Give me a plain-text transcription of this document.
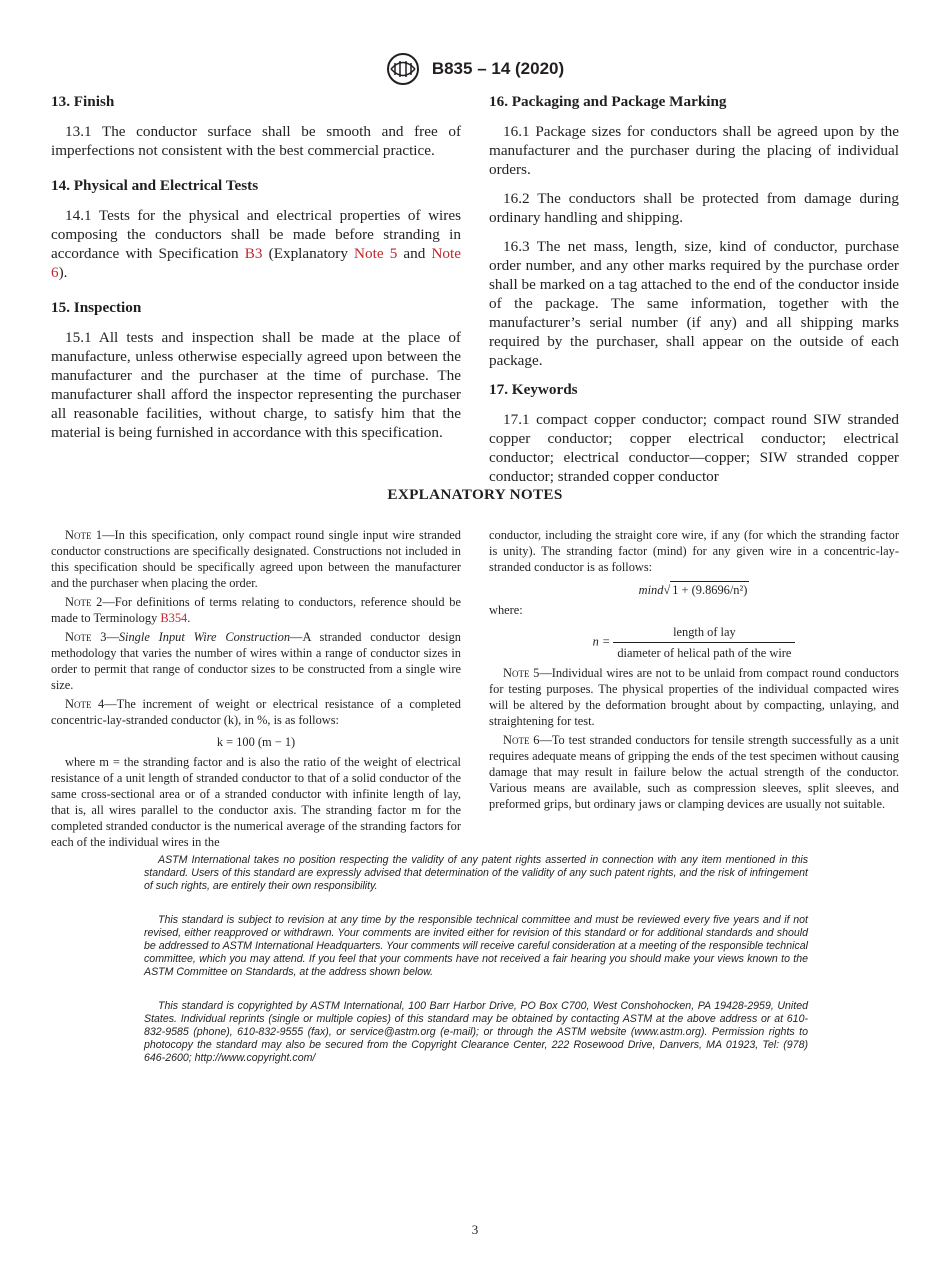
B835 – 14 (2020)
13. Finish

13.1 The conductor surface shall be smooth and free of imperfections not consistent with the best commercial practice.

14. Physical and Electrical Tests

14.1 Tests for the physical and electrical properties of wires composing the conductors shall be made before stranding in accordance with Specification B3 (Explanatory Note 5 and Note 6).

15. Inspection

15.1 All tests and inspection shall be made at the place of manufacture, unless otherwise especially agreed upon between the manufacturer and the purchaser at the time of purchase. The manufacturer shall afford the inspector representing the purchaser all reasonable facilities, without charge, to satisfy him that the material is being furnished in accordance with this specification.

16. Packaging and Package Marking

16.1 Package sizes for conductors shall be agreed upon by the manufacturer and the purchaser during the placing of individual orders.

16.2 The conductors shall be protected from damage during ordinary handling and shipping.

16.3 The net mass, length, size, kind of conductor, purchase order number, and any other marks required by the purchase order shall be marked on a tag attached to the end of the conductor inside of the package. The same information, together with the manufacturer’s serial number (if any) and all shipping marks required by the purchaser, shall appear on the outside of each package.

17. Keywords

17.1 compact copper conductor; compact round SIW stranded copper conductor; copper electrical conductor; electrical conductor; electrical conductor—copper; SIW stranded copper conductor; stranded copper conductor

EXPLANATORY NOTES

Note 1—In this specification, only compact round single input wire stranded conductor constructions are specifically designated. Constructions not included in this specification should be specifically agreed upon between the manufacturer and the purchaser when placing the order.

Note 2—For definitions of terms relating to conductors, reference should be made to Terminology B354.

Note 3—Single Input Wire Construction—A stranded conductor design methodology that varies the number of wires within a range of conductor sizes in order to permit that range of conductor sizes to be constructed from a single wire size.

Note 4—The increment of weight or electrical resistance of a completed concentric-lay-stranded conductor (k), in %, is as follows:

k = 100 (m − 1)

where m = the stranding factor and is also the ratio of the weight of electrical resistance of a unit length of stranded conductor to that of a solid conductor of the same cross-sectional area or of a stranded conductor with infinite length of lay, that is, all wires parallel to the conductor axis. The stranding factor m for the completed stranded conductor is the numerical average of the stranding factors for each of the individual wires in the

conductor, including the straight core wire, if any (for which the stranding factor is unity). The stranding factor (mind) for any given wire in a concentric-lay-stranded conductor is as follows:

mind√ 1 + (9.8696/n²)

where:

$n = \frac{\text{length of lay}}{\text{diameter of helical path of the wire}}$

Note 5—Individual wires are not to be unlaid from compact round conductors for testing purposes. The physical properties of the individual compacted wires will be altered by the deformation brought about by compacting, unlaying, and straightening for test.

Note 6—To test stranded conductors for tensile strength successfully as a unit requires adequate means of gripping the ends of the test specimen without causing damage that may result in failure below the actual strength of the conductor. Various means are available, such as compression sleeves, split sleeves, and preformed grips, but ordinary jaws or clamping devices are usually not suitable.

ASTM International takes no position respecting the validity of any patent rights asserted in connection with any item mentioned in this standard. Users of this standard are expressly advised that determination of the validity of any such patent rights, and the risk of infringement of such rights, are entirely their own responsibility.

This standard is subject to revision at any time by the responsible technical committee and must be reviewed every five years and if not revised, either reapproved or withdrawn. Your comments are invited either for revision of this standard or for additional standards and should be addressed to ASTM International Headquarters. Your comments will receive careful consideration at a meeting of the responsible technical committee, which you may attend. If you feel that your comments have not received a fair hearing you should make your views known to the ASTM Committee on Standards, at the address shown below.

This standard is copyrighted by ASTM International, 100 Barr Harbor Drive, PO Box C700, West Conshohocken, PA 19428-2959, United States. Individual reprints (single or multiple copies) of this standard may be obtained by contacting ASTM at the above address or at 610-832-9585 (phone), 610-832-9555 (fax), or service@astm.org (e-mail); or through the ASTM website (www.astm.org). Permission rights to photocopy the standard may also be secured from the Copyright Clearance Center, 222 Rosewood Drive, Danvers, MA 01923, Tel: (978) 646-2600; http://www.copyright.com/

3
